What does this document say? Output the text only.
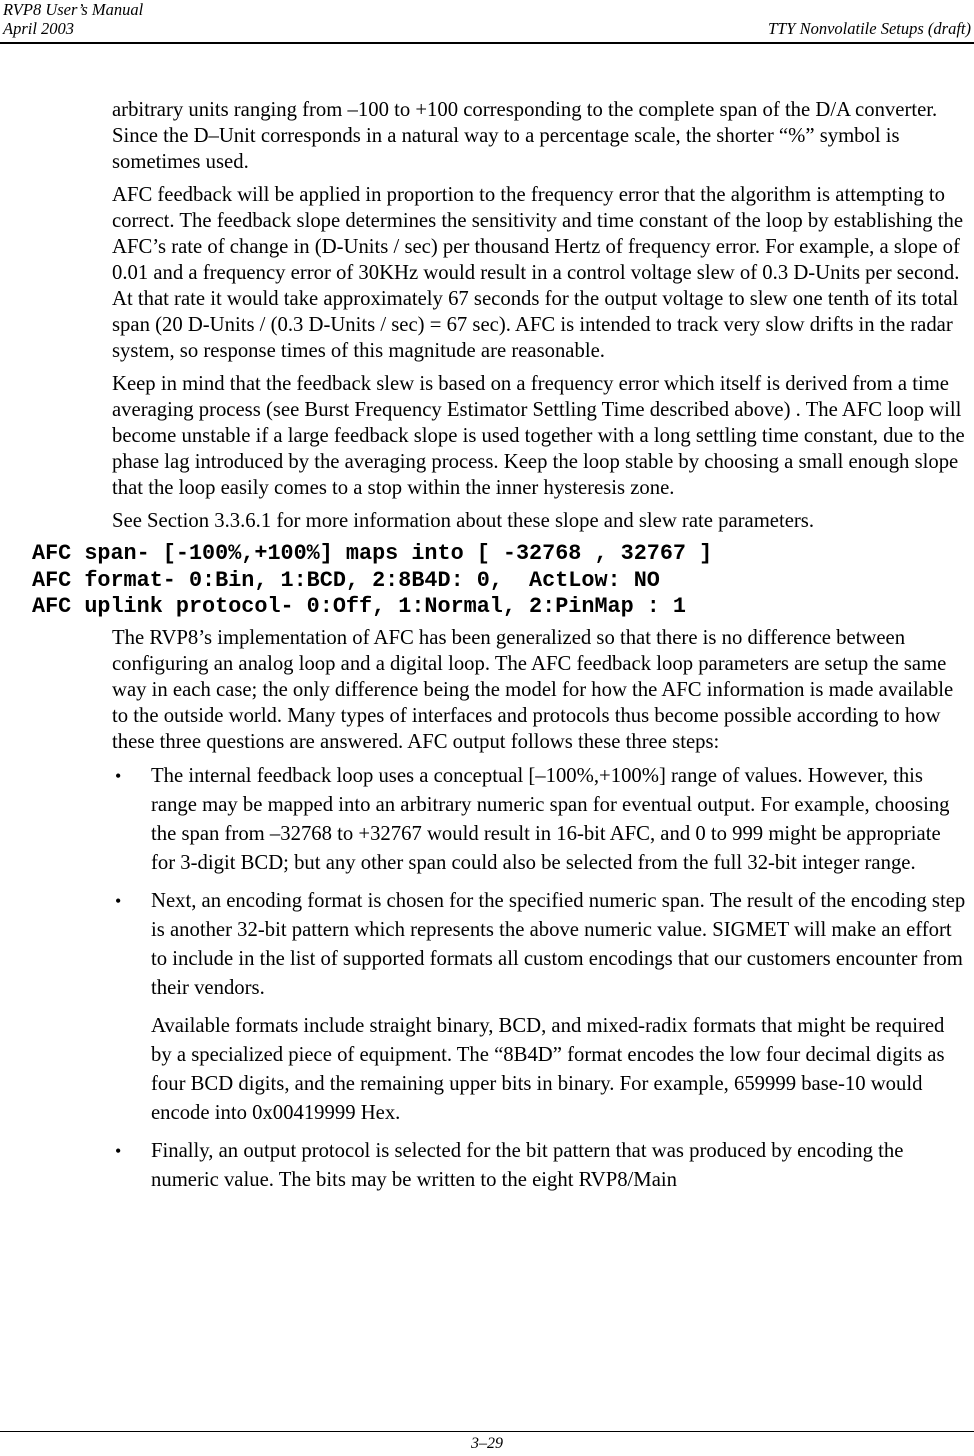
RVP8 User’s Manual
April 2003	TTY Nonvolatile Setups (draft)

arbitrary units ranging from –100 to +100 corresponding to the complete span of the D/A converter. Since the D–Unit corresponds in a natural way to a percentage scale, the shorter “%” symbol is sometimes used.

AFC feedback will be applied in proportion to the frequency error that the algorithm is attempting to correct. The feedback slope determines the sensitivity and time constant of the loop by establishing the AFC’s rate of change in (D-Units / sec) per thousand Hertz of frequency error. For example, a slope of 0.01 and a frequency error of 30KHz would result in a control voltage slew of 0.3 D-Units per second. At that rate it would take approximately 67 seconds for the output voltage to slew one tenth of its total span (20 D-Units / (0.3 D-Units / sec) = 67 sec). AFC is intended to track very slow drifts in the radar system, so response times of this magnitude are reasonable.

Keep in mind that the feedback slew is based on a frequency error which itself is derived from a time averaging process (see Burst Frequency Estimator Settling Time described above) . The AFC loop will become unstable if a large feedback slope is used together with a long settling time constant, due to the phase lag introduced by the averaging process. Keep the loop stable by choosing a small enough slope that the loop easily comes to a stop within the inner hysteresis zone.

See Section 3.3.6.1 for more information about these slope and slew rate parameters.

AFC span- [-100%,+100%] maps into [ -32768 , 32767 ]
AFC format- 0:Bin, 1:BCD, 2:8B4D: 0,  ActLow: NO
AFC uplink protocol- 0:Off, 1:Normal, 2:PinMap : 1

The RVP8’s implementation of AFC has been generalized so that there is no difference between configuring an analog loop and a digital loop. The AFC feedback loop parameters are setup the same way in each case; the only difference being the model for how the AFC information is made available to the outside world. Many types of interfaces and protocols thus become possible according to how these three questions are answered. AFC output follows these three steps:

• The internal feedback loop uses a conceptual [–100%,+100%] range of values. However, this range may be mapped into an arbitrary numeric span for eventual output. For example, choosing the span from –32768 to +32767 would result in 16-bit AFC, and 0 to 999 might be appropriate for 3-digit BCD; but any other span could also be selected from the full 32-bit integer range.
• Next, an encoding format is chosen for the specified numeric span. The result of the encoding step is another 32-bit pattern which represents the above numeric value. SIGMET will make an effort to include in the list of supported formats all custom encodings that our customers encounter from their vendors.
Available formats include straight binary, BCD, and mixed-radix formats that might be required by a specialized piece of equipment. The “8B4D” format encodes the low four decimal digits as four BCD digits, and the remaining upper bits in binary. For example, 659999 base-10 would encode into 0x00419999 Hex.
• Finally, an output protocol is selected for the bit pattern that was produced by encoding the numeric value. The bits may be written to the eight RVP8/Main
3–29
